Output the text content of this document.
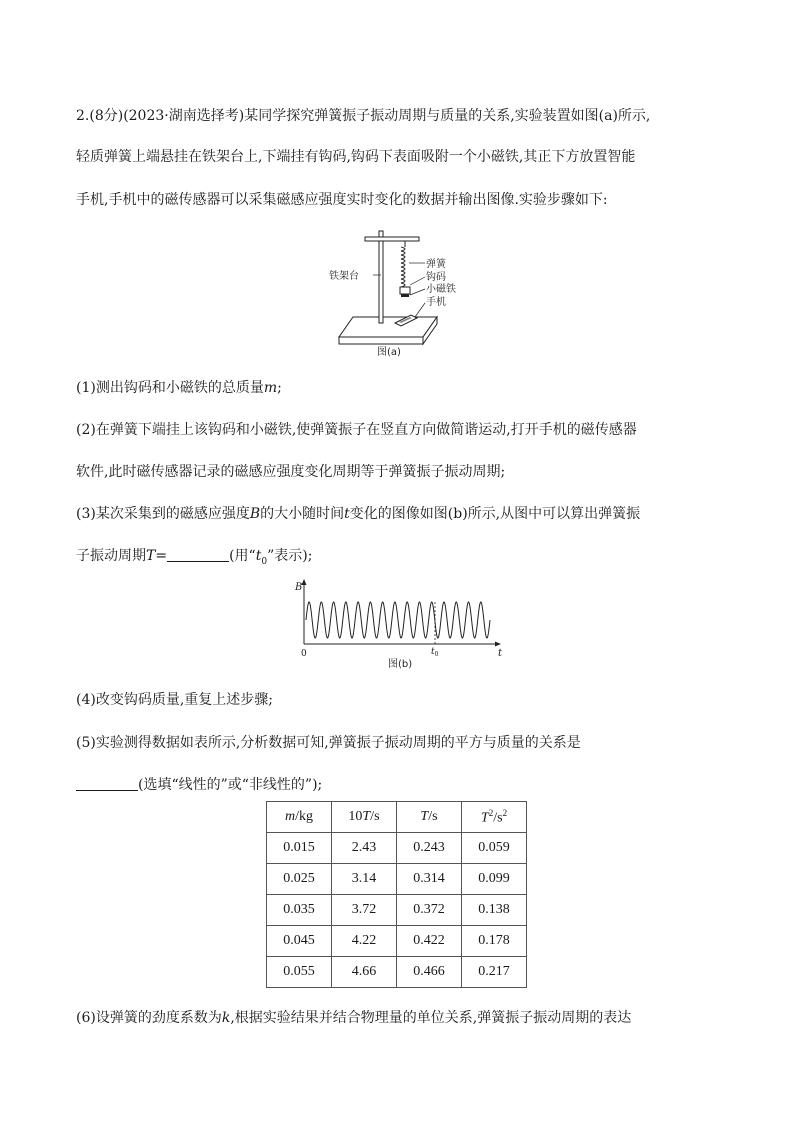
2.(8分)(2023·湖南选择考)某同学探究弹簧振子振动周期与质量的关系,实验装置如图(a)所示,
轻质弹簧上端悬挂在铁架台上,下端挂有钩码,钩码下表面吸附一个小磁铁,其正下方放置智能
手机,手机中的磁传感器可以采集磁感应强度实时变化的数据并输出图像.实验步骤如下:
铁架台
弹簧
钩码
小磁铁
手机
图(a)
(1)测出钩码和小磁铁的总质量m;
(2)在弹簧下端挂上该钩码和小磁铁,使弹簧振子在竖直方向做简谐运动,打开手机的磁传感器
软件,此时磁传感器记录的磁感应强度变化周期等于弹簧振子振动周期;
(3)某次采集到的磁感应强度B的大小随时间t变化的图像如图(b)所示,从图中可以算出弹簧振
子振动周期T=	(用“$t_0$”表示);
B
t
0	$t_0$
图(b)
(4)改变钩码质量,重复上述步骤;
(5)实验测得数据如表所示,分析数据可知,弹簧振子振动周期的平方与质量的关系是
(选填“线性的”或“非线性的”);
m/kg	10T/s	T/s	$T^2/s^2$
0.015	2.43	0.243	0.059
0.025	3.14	0.314	0.099
0.035	3.72	0.372	0.138
0.045	4.22	0.422	0.178
0.055	4.66	0.466	0.217
(6)设弹簧的劲度系数为k,根据实验结果并结合物理量的单位关系,弹簧振子振动周期的表达
